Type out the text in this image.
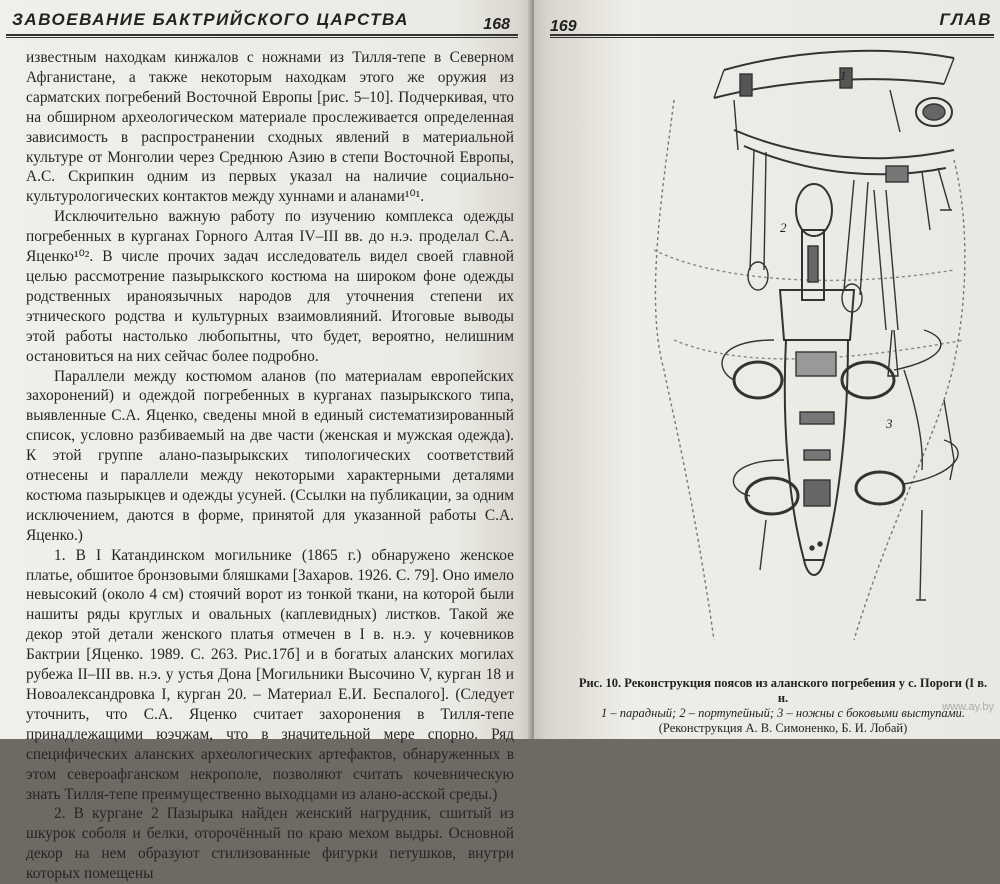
ЗАВОЕВАНИЕ БАКТРИЙСКОГО ЦАРСТВА	168

известным находкам кинжалов с ножнами из Тилля-тепе в Северном Афганистане, а также некоторым находкам этого же оружия из сарматских погребений Восточной Европы [рис. 5–10]. Подчеркивая, что на обширном археологическом материале прослеживается определенная зависимость в распространении сходных явлений в материальной культуре от Монголии через Среднюю Азию в степи Восточной Европы, А.С. Скрипкин одним из первых указал на наличие социально-культурологических контактов между хуннами и аланами¹⁰¹.

Исключительно важную работу по изучению комплекса одежды погребенных в курганах Горного Алтая IV–III вв. до н.э. проделал С.А. Яценко¹⁰². В числе прочих задач исследователь видел своей главной целью рассмотрение пазырыкского костюма на широком фоне одежды родственных ираноязычных народов для уточнения степени их этнического родства и культурных взаимовлияний. Итоговые выводы этой работы настолько любопытны, что будет, вероятно, нелишним остановиться на них сейчас более подробно.

Параллели между костюмом аланов (по материалам европейских захоронений) и одеждой погребенных в курганах пазырыкского типа, выявленные С.А. Яценко, сведены мной в единый систематизированный список, условно разбиваемый на две части (женская и мужская одежда). К этой группе алано-пазырыкских типологических соответствий отнесены и параллели между некоторыми характерными деталями костюма пазырыкцев и одежды усуней. (Ссылки на публикации, за одним исключением, даются в форме, принятой для указанной работы С.А. Яценко.)

1. В I Катандинском могильнике (1865 г.) обнаружено женское платье, обшитое бронзовыми бляшками [Захаров. 1926. С. 79]. Оно имело невысокий (около 4 см) стоячий ворот из тонкой ткани, на которой были нашиты ряды круглых и овальных (каплевидных) листков. Такой же декор этой детали женского платья отмечен в I в. н.э. у кочевников Бактрии [Яценко. 1989. С. 263. Рис.17б] и в богатых аланских могилах рубежа II–III вв. н.э. у устья Дона [Могильники Высочино V, курган 18 и Новоалександровка I, курган 20. – Материал Е.И. Беспалого]. (Следует уточнить, что С.А. Яценко считает захоронения в Тилля-тепе принадлежащими юэчжам, что в значительной мере спорно. Ряд специфических аланских археологических артефактов, обнаруженных в этом североафганском некрополе, позволяют считать кочевническую знать Тилля-тепе преимущественно выходцами из алано-асской среды.)

2. В кургане 2 Пазырыка найден женский нагрудник, сшитый из шкурок соболя и белки, оторочённый по краю мехом выдры. Основной декор на нем образуют стилизованные фигурки петушков, внутри которых помещены

169	ГЛАВ
1
2
3
Рис. 10. Реконструкция поясов из аланского погребения у с. Пороги (I в. н.
1 – парадный; 2 – портупейный; 3 – ножны с боковыми выступами.
(Реконструкция А. В. Симоненко, Б. И. Лобай)
www.ay.by
